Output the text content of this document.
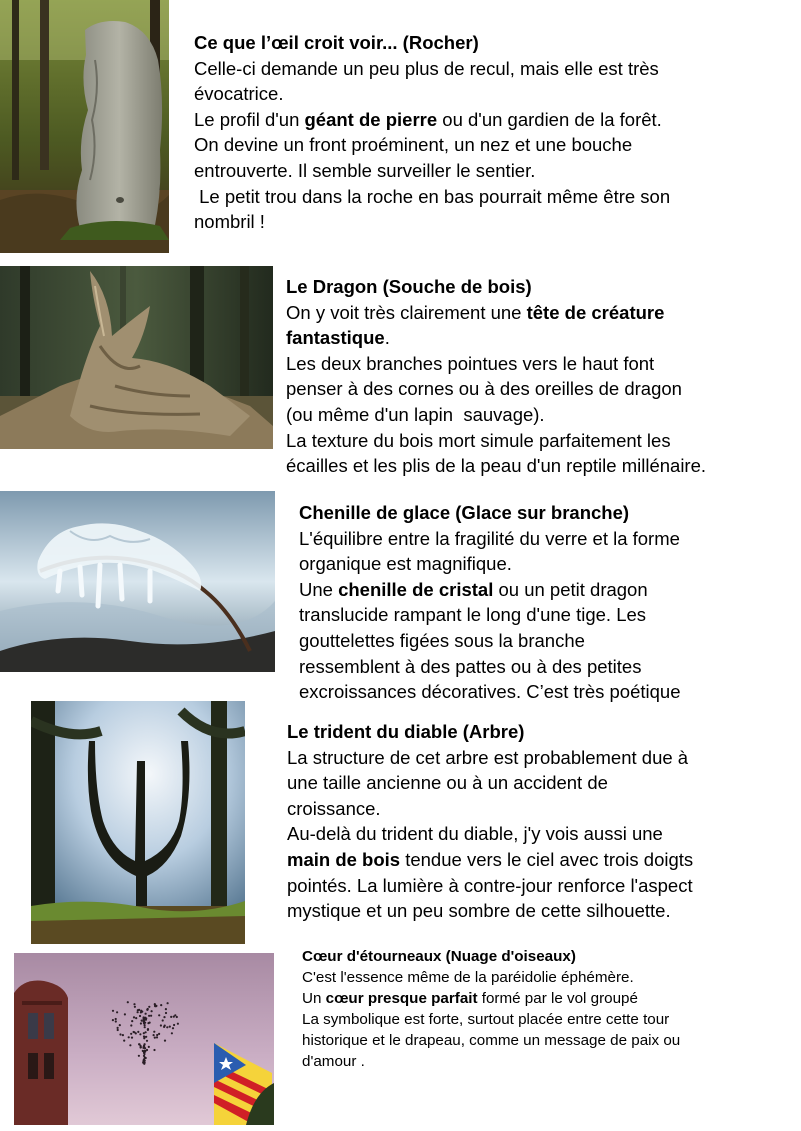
Ce que l’œil croit voir... (Rocher)

Celle-ci demande un peu plus de recul, mais elle est très

évocatrice.

Le profil d'un géant de pierre ou d'un gardien de la forêt.

On devine un front proéminent, un nez et une bouche

entrouverte. Il semble surveiller le sentier.

Le petit trou dans la roche en bas pourrait même être son

nombril !

Le Dragon (Souche de bois)

On y voit très clairement une tête de créature

fantastique.

Les deux branches pointues vers le haut font

penser à des cornes ou à des oreilles de dragon

(ou même d'un lapin  sauvage).

La texture du bois mort simule parfaitement les

écailles et les plis de la peau d'un reptile millénaire.

Chenille de glace (Glace sur branche)

L'équilibre entre la fragilité du verre et la forme

organique est magnifique.

Une chenille de cristal ou un petit dragon

translucide rampant le long d'une tige. Les

gouttelettes figées sous la branche

ressemblent à des pattes ou à des petites

excroissances décoratives. C’est très poétique

Le trident du diable (Arbre)

La structure de cet arbre est probablement due à

une taille ancienne ou à un accident de

croissance.

Au-delà du trident du diable, j'y vois aussi une

main de bois tendue vers le ciel avec trois doigts

pointés. La lumière à contre-jour renforce l'aspect

mystique et un peu sombre de cette silhouette.

Cœur d'étourneaux (Nuage d'oiseaux)

C'est l'essence même de la paréidolie éphémère.

Un cœur presque parfait formé par le vol groupé

La symbolique est forte, surtout placée entre cette tour

historique et le drapeau, comme un message de paix ou

d'amour .
